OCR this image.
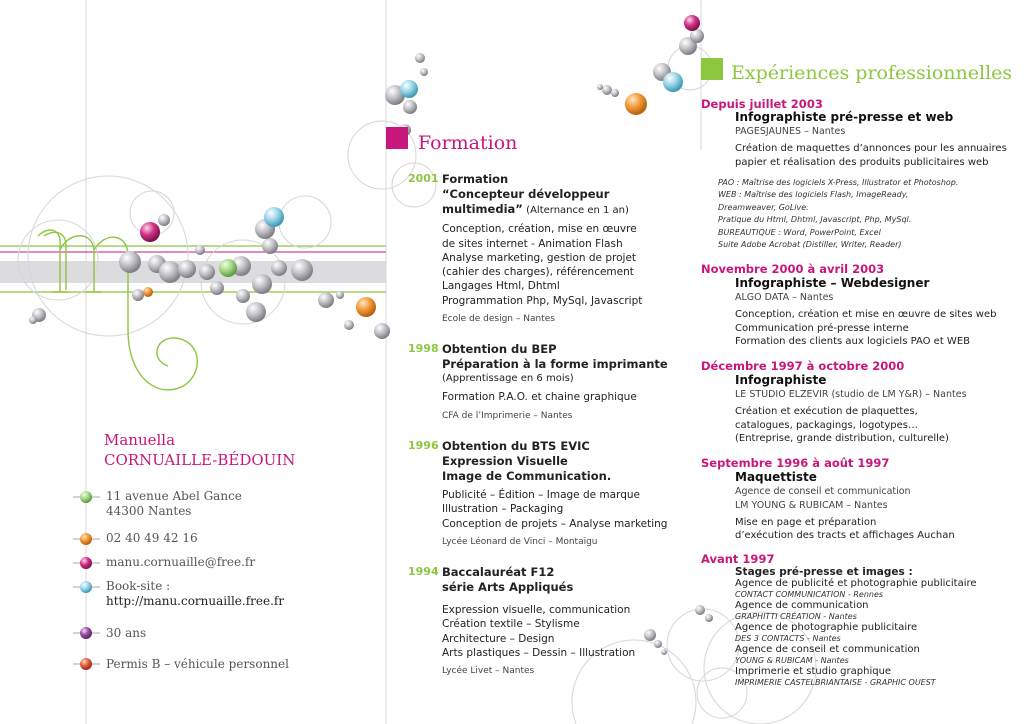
Manuella
CORNUAILLE-BÉDOUIN
11 avenue Abel Gance
44300 Nantes
02 40 49 42 16
manu.cornuaille@free.fr
Book-site :
http://manu.cornuaille.free.fr
30 ans
Permis B – véhicule personnel
Formation
2001 Formation
“Concepteur développeur
multimedia” (Alternance en 1 an)
Conception, création, mise en œuvre
de sites internet - Animation Flash
Analyse marketing, gestion de projet
(cahier des charges), référencement
Langages Html, Dhtml
Programmation Php, MySql, Javascript
Ecole de design – Nantes
1998 Obtention du BEP
Préparation à la forme imprimante
(Apprentissage en 6 mois)
Formation P.A.O. et chaine graphique
CFA de l’Imprimerie – Nantes
1996 Obtention du BTS EVIC
Expression Visuelle
Image de Communication.
Publicité – Édition – Image de marque
Illustration – Packaging
Conception de projets – Analyse marketing
Lycée Léonard de Vinci – Montaigu
1994 Baccalauréat F12
série Arts Appliqués
Expression visuelle, communication
Création textile – Stylisme
Architecture – Design
Arts plastiques – Dessin – Illustration
Lycée Livet – Nantes
Expériences professionnelles
Depuis juillet 2003
Infographiste pré-presse et web
PAGESJAUNES – Nantes
Création de maquettes d’annonces pour les annuaires
papier et réalisation des produits publicitaires web
PAO : Maîtrise des logiciels X-Press, Illustrator et Photoshop.
WEB : Maîtrise des logiciels Flash, ImageReady,
Dreamweaver, GoLive.
Pratique du Html, Dhtml, Javascript, Php, MySql.
BUREAUTIQUE : Word, PowerPoint, Excel
Suite Adobe Acrobat (Distiller, Writer, Reader)
Novembre 2000 à avril 2003
Infographiste – Webdesigner
ALGO DATA – Nantes
Conception, création et mise en œuvre de sites web
Communication pré-presse interne
Formation des clients aux logiciels PAO et WEB
Décembre 1997 à octobre 2000
Infographiste
LE STUDIO ELZEVIR (studio de LM Y&R) – Nantes
Création et exécution de plaquettes,
catalogues, packagings, logotypes…
(Entreprise, grande distribution, culturelle)
Septembre 1996 à août 1997
Maquettiste
Agence de conseil et communication
LM YOUNG & RUBICAM – Nantes
Mise en page et préparation
d’exécution des tracts et affichages Auchan
Avant 1997
Stages pré-presse et images :
Agence de publicité et photographie publicitaire
CONTACT COMMUNICATION - Rennes
Agence de communication
GRAPHITTI CRÉATION - Nantes
Agence de photographie publicitaire
DES 3 CONTACTS - Nantes
Agence de conseil et communication
YOUNG & RUBICAM - Nantes
Imprimerie et studio graphique
IMPRIMERIE CASTELBRIANTAISE - GRAPHIC OUEST
